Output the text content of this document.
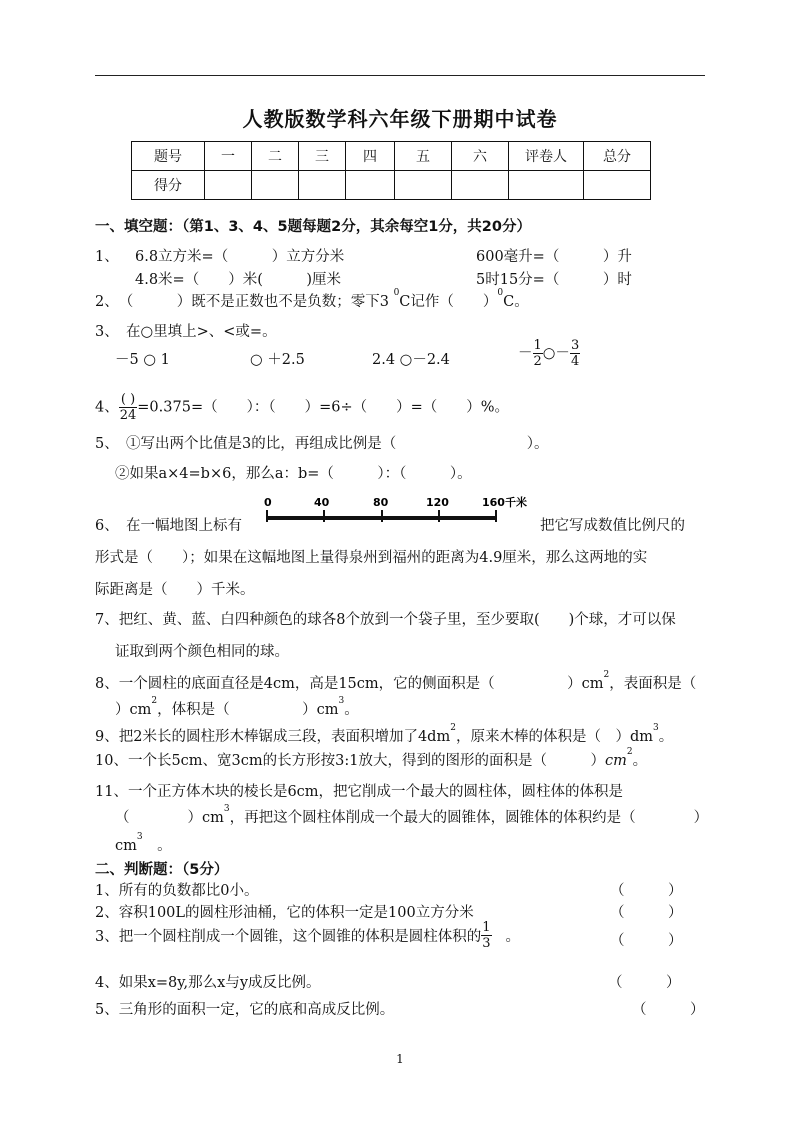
人教版数学科六年级下册期中试卷
题号	一	二	三	四	五	六	评卷人	总分
得分								
一、填空题：（第1、3、4、5题每题2分，其余每空1分，共20分）
1、 6.8立方米=（　　　）立方分米	600毫升=（　　　）升
4.8米=（　　）米(　　　)厘米	5时15分=（　　　）时
2、　（　　　）既不是正数也不是负数；零下3 $^0$C记作（　　）$^0$C。
3、　在○里填上>、<或=。
－5 ○ 1	○ ＋2.5	2.4 ○－2.4	－ $\frac{1}{2}$ ○－ $\frac{3}{4}$
4、 $\frac{( )}{24} =0.375=$（　　）：（　　）=6÷（　　）=（　　）%。
5、　①写出两个比值是3的比，再组成比例是（　　　　　　　　　）。
②如果a×4=b×6，那么a：b=（　　　）：（　　　）。
6、　在一幅地图上标有
0	40	80	120	160千米
把它写成数值比例尺的
形式是（　　）；如果在这幅地图上量得泉州到福州的距离为4.9厘米，那么这两地的实
际距离是（　　）千米。
7、把红、黄、蓝、白四种颜色的球各8个放到一个袋子里，至少要取(　　)个球，才可以保
证取到两个颜色相同的球。
8、一个圆柱的底面直径是4cm，高是15cm，它的侧面积是（　　　　　）$cm^2$，表面积是（
）$cm^2$，体积是（　　　　　）$cm^3$。
9、把2米长的圆柱形木棒锯成三段，表面积增加了$4dm^2$，原来木棒的体积是（　）$dm^3$。
10、一个长5cm、宽3cm的长方形按3:1放大，得到的图形的面积是（　　　）$cm^2$。
11、一个正方体木块的棱长是6cm，把它削成一个最大的圆柱体，圆柱体的体积是
（　　　　）$cm^3$，再把这个圆柱体削成一个最大的圆锥体，圆锥体的体积约是（　　　　）
$cm^3$　。
二、判断题：（5分）
1、所有的负数都比0小。	（　　　）
2、容积100L的圆柱形油桶，它的体积一定是100立方分米	（　　　）
3、把一个圆柱削成一个圆锥，这个圆锥的体积是圆柱体积的 $\frac{1}{3}$ 。	（　　　）
4、如果x=8y,那么x与y成反比例。	（　　　）
5、三角形的面积一定，它的底和高成反比例。	（　　　）
1
